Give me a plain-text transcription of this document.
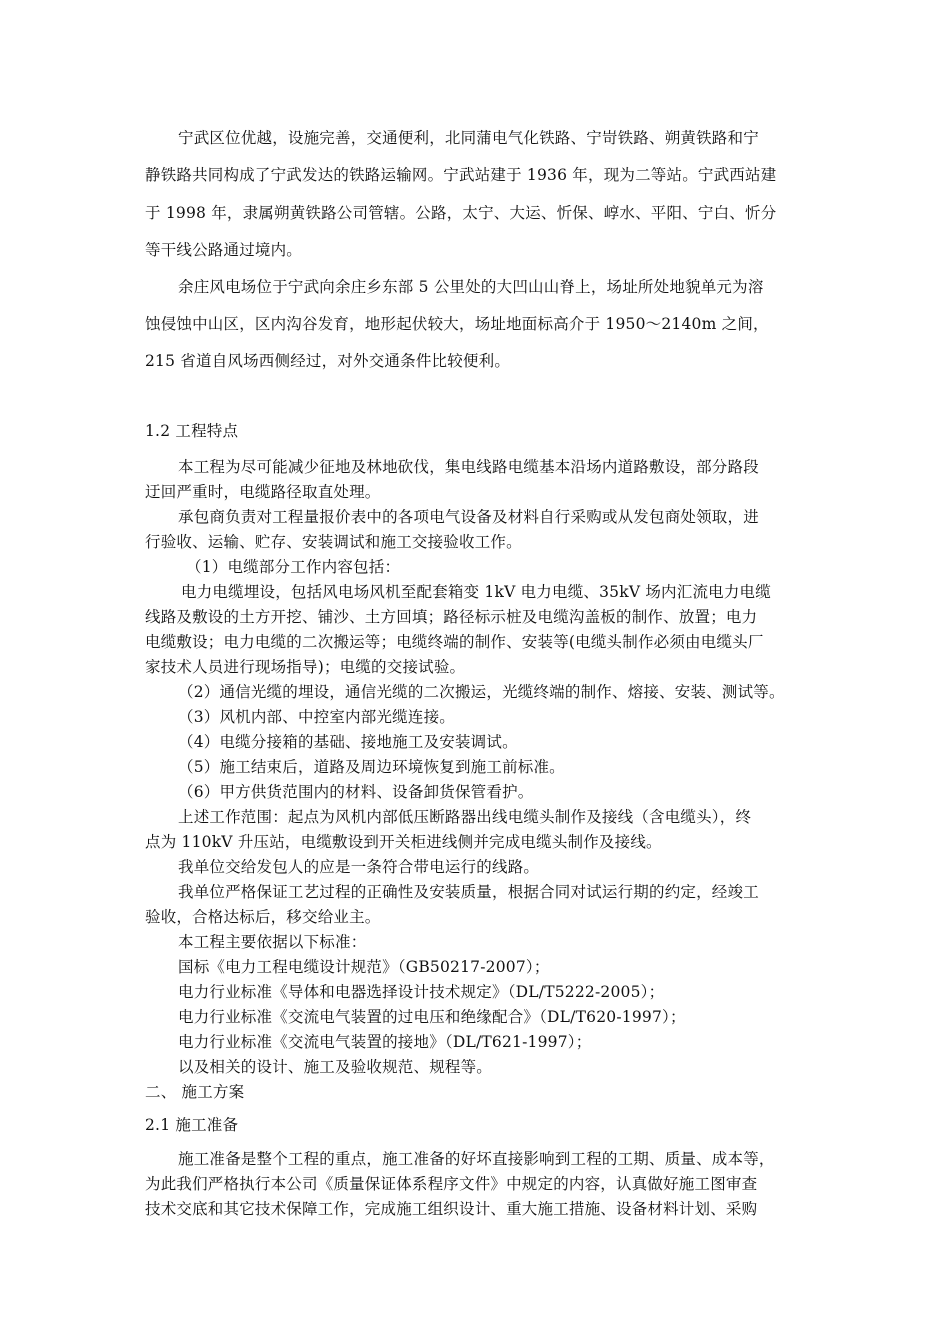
宁武区位优越，设施完善，交通便利，北同蒲电气化铁路、宁岢铁路、朔黄铁路和宁
静铁路共同构成了宁武发达的铁路运输网。宁武站建于 1936 年，现为二等站。宁武西站建
于 1998 年，隶属朔黄铁路公司管辖。公路，太宁、大运、忻保、崞水、平阳、宁白、忻分
等干线公路通过境内。
余庄风电场位于宁武向余庄乡东部 5 公里处的大凹山山脊上，场址所处地貌单元为溶
蚀侵蚀中山区，区内沟谷发育，地形起伏较大，场址地面标高介于 1950～2140m 之间，
215 省道自风场西侧经过，对外交通条件比较便利。
1.2 工程特点
本工程为尽可能减少征地及林地砍伐，集电线路电缆基本沿场内道路敷设，部分路段
迂回严重时，电缆路径取直处理。
承包商负责对工程量报价表中的各项电气设备及材料自行采购或从发包商处领取，进
行验收、运输、贮存、安装调试和施工交接验收工作。
（1）电缆部分工作内容包括：
电力电缆埋设，包括风电场风机至配套箱变 1kV 电力电缆、35kV 场内汇流电力电缆
线路及敷设的土方开挖、铺沙、土方回填；路径标示桩及电缆沟盖板的制作、放置；电力
电缆敷设；电力电缆的二次搬运等；电缆终端的制作、安装等(电缆头制作必须由电缆头厂
家技术人员进行现场指导)；电缆的交接试验。
（2）通信光缆的埋设，通信光缆的二次搬运，光缆终端的制作、熔接、安装、测试等。
（3）风机内部、中控室内部光缆连接。
（4）电缆分接箱的基础、接地施工及安装调试。
（5）施工结束后，道路及周边环境恢复到施工前标准。
（6）甲方供货范围内的材料、设备卸货保管看护。
上述工作范围：起点为风机内部低压断路器出线电缆头制作及接线（含电缆头），终
点为 110kV 升压站，电缆敷设到开关柜进线侧并完成电缆头制作及接线。
我单位交给发包人的应是一条符合带电运行的线路。
我单位严格保证工艺过程的正确性及安装质量，根据合同对试运行期的约定，经竣工
验收，合格达标后，移交给业主。
本工程主要依据以下标准：
国标《电力工程电缆设计规范》（GB50217-2007）；
电力行业标准《导体和电器选择设计技术规定》（DL/T5222-2005）；
电力行业标准《交流电气装置的过电压和绝缘配合》（DL/T620-1997）；
电力行业标准《交流电气装置的接地》（DL/T621-1997）；
以及相关的设计、施工及验收规范、规程等。
二、 施工方案
2.1 施工准备
施工准备是整个工程的重点，施工准备的好坏直接影响到工程的工期、质量、成本等，
为此我们严格执行本公司《质量保证体系程序文件》中规定的内容，认真做好施工图审查
技术交底和其它技术保障工作，完成施工组织设计、重大施工措施、设备材料计划、采购
